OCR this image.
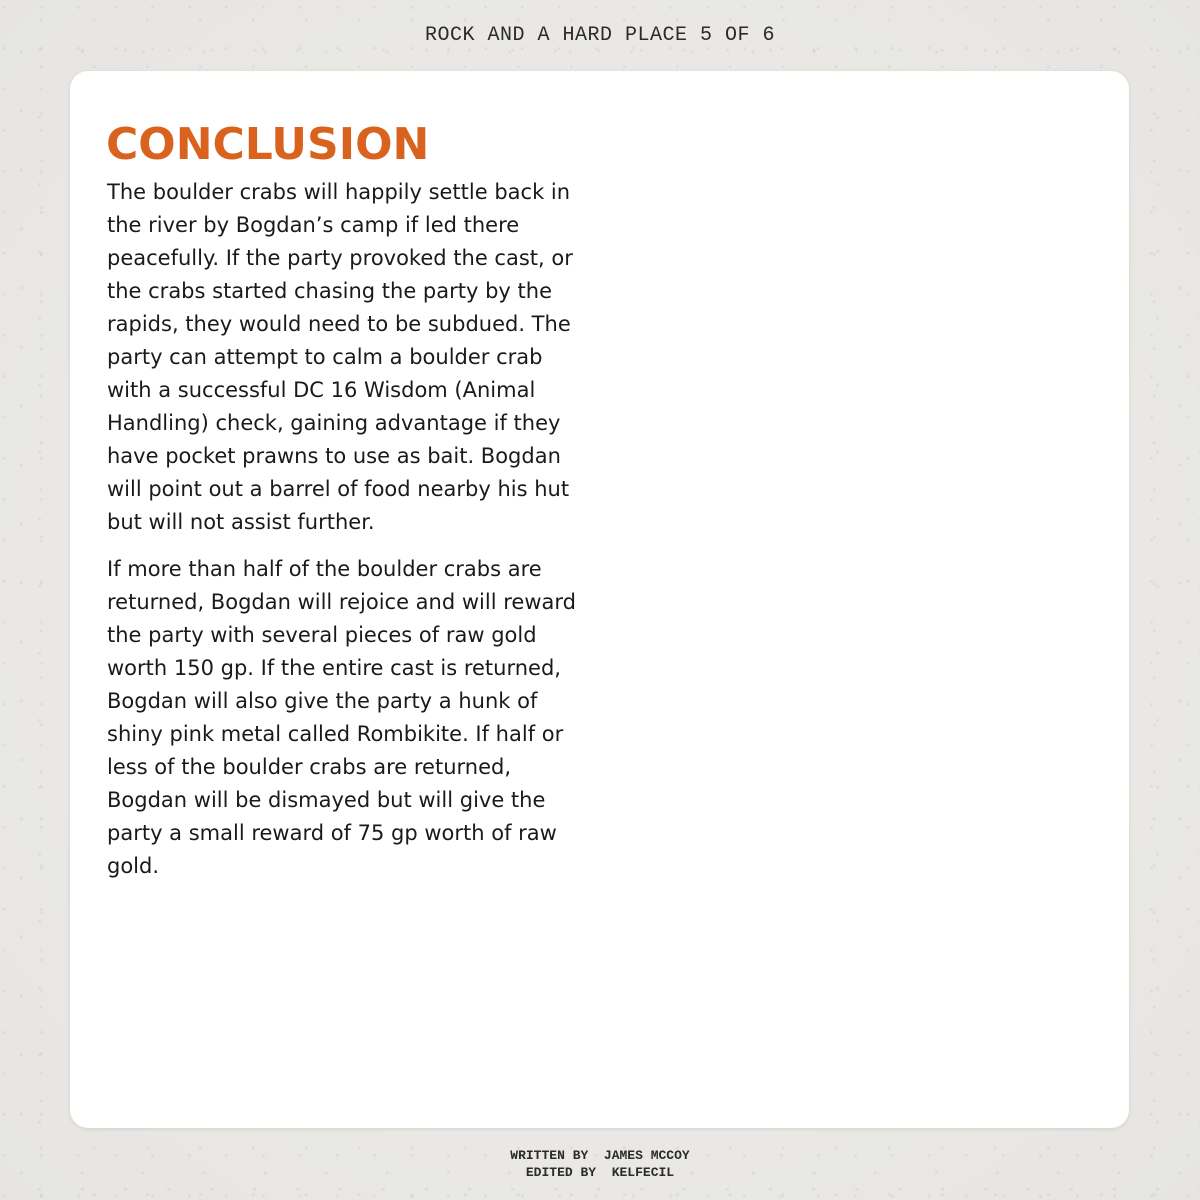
ROCK AND A HARD PLACE 5 OF 6
CONCLUSION

The boulder crabs will happily settle back in the river by Bogdan’s camp if led there peacefully. If the party provoked the cast, or the crabs started chasing the party by the rapids, they would need to be subdued. The party can attempt to calm a boulder crab with a successful DC 16 Wisdom (Animal Handling) check, gaining advantage if they have pocket prawns to use as bait. Bogdan will point out a barrel of food nearby his hut but will not assist further.

If more than half of the boulder crabs are returned, Bogdan will rejoice and will reward the party with several pieces of raw gold worth 150 gp. If the entire cast is returned, Bogdan will also give the party a hunk of shiny pink metal called Rombikite. If half or less of the boulder crabs are returned, Bogdan will be dismayed but will give the party a small reward of 75 gp worth of raw gold.

WRITTEN BY  JAMES MCCOY
EDITED BY  KELFECIL
